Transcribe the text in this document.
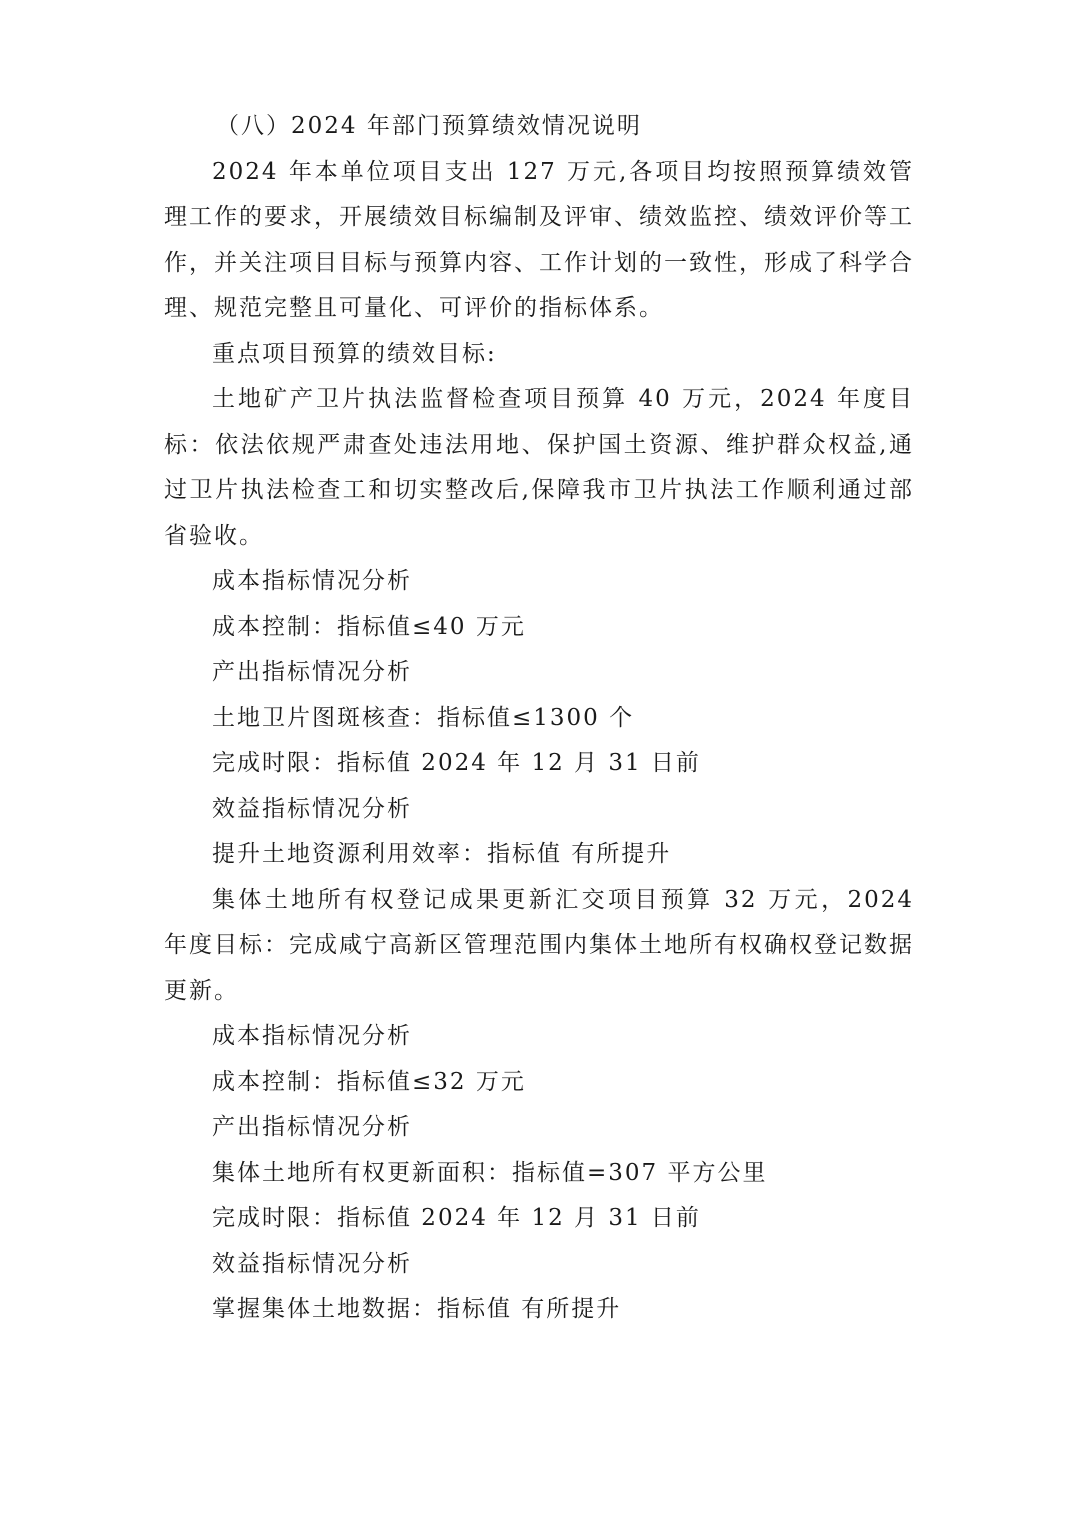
（八）2024 年部门预算绩效情况说明

2024 年本单位项目支出 127 万元,各项目均按照预算绩效管理工作的要求，开展绩效目标编制及评审、绩效监控、绩效评价等工作，并关注项目目标与预算内容、工作计划的一致性，形成了科学合理、规范完整且可量化、可评价的指标体系。

重点项目预算的绩效目标:

土地矿产卫片执法监督检查项目预算 40 万元，2024 年度目标：依法依规严肃查处违法用地、保护国土资源、维护群众权益,通过卫片执法检查工和切实整改后,保障我市卫片执法工作顺利通过部省验收。

成本指标情况分析

成本控制：指标值≤40 万元

产出指标情况分析

土地卫片图斑核查：指标值≤1300 个

完成时限：指标值 2024 年 12 月 31 日前

效益指标情况分析

提升土地资源利用效率：指标值 有所提升

集体土地所有权登记成果更新汇交项目预算 32 万元，2024 年度目标：完成咸宁高新区管理范围内集体土地所有权确权登记数据更新。

成本指标情况分析

成本控制：指标值≤32 万元

产出指标情况分析

集体土地所有权更新面积：指标值=307 平方公里

完成时限：指标值 2024 年 12 月 31 日前

效益指标情况分析

掌握集体土地数据：指标值 有所提升
